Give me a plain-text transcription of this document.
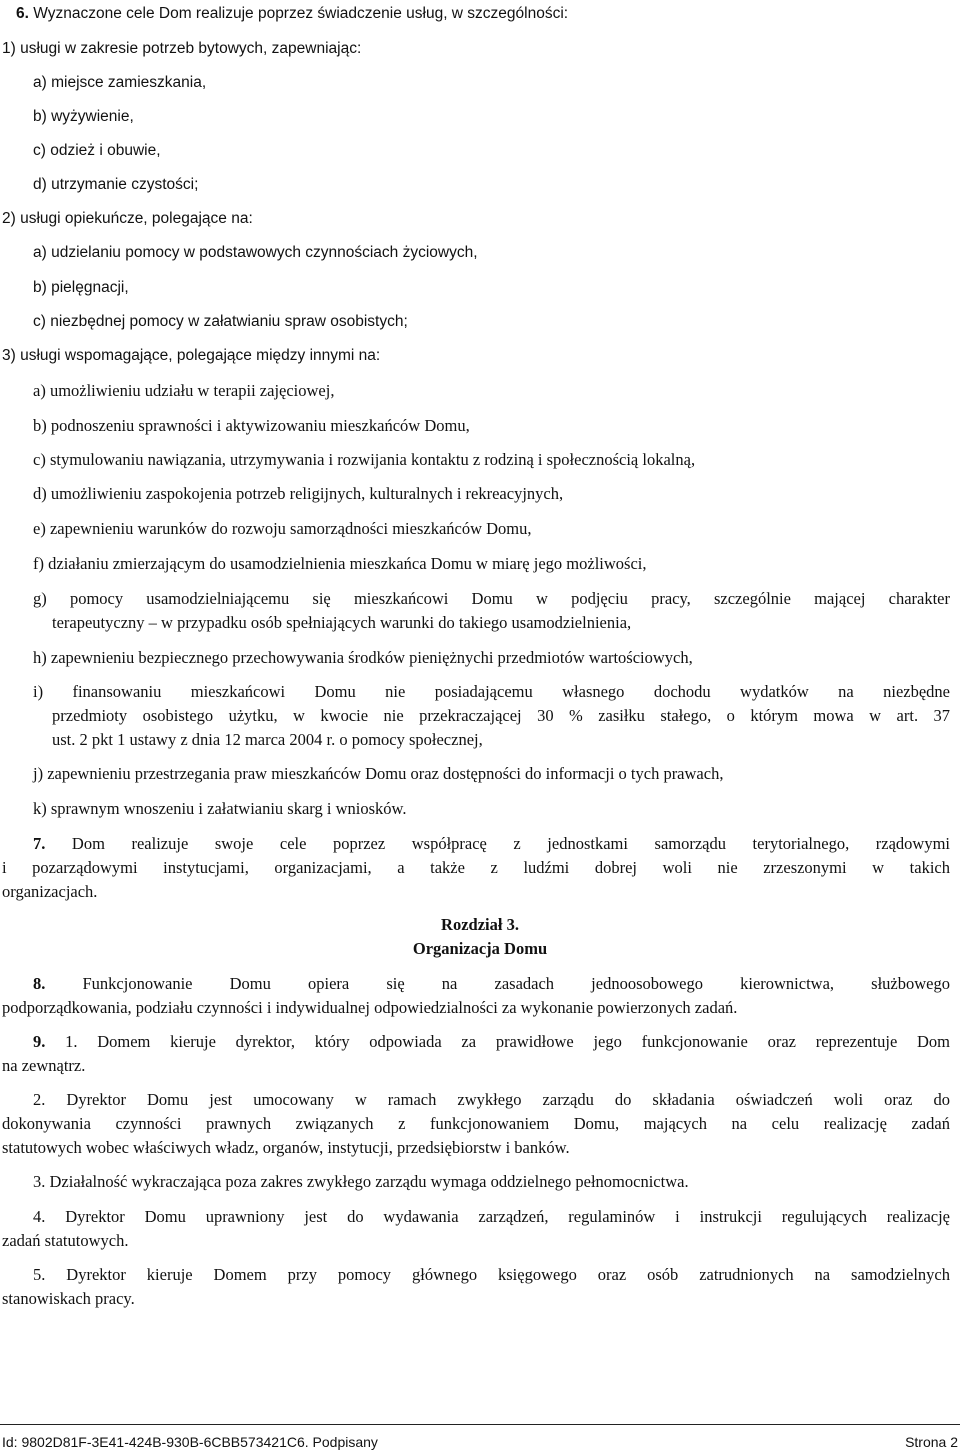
6. Wyznaczone cele Dom realizuje poprzez świadczenie usług, w szczególności:
1) usługi w zakresie potrzeb bytowych, zapewniając:
a) miejsce zamieszkania,
b) wyżywienie,
c) odzież i obuwie,
d) utrzymanie czystości;
2) usługi opiekuńcze, polegające na:
a) udzielaniu pomocy w podstawowych czynnościach życiowych,
b) pielęgnacji,
c) niezbędnej pomocy w załatwianiu spraw osobistych;
3) usługi wspomagające, polegające między innymi na:
a) umożliwieniu udziału w terapii zajęciowej,
b) podnoszeniu sprawności i aktywizowaniu mieszkańców Domu,
c) stymulowaniu nawiązania, utrzymywania i rozwijania kontaktu z rodziną i społecznością lokalną,
d) umożliwieniu zaspokojenia potrzeb religijnych, kulturalnych i rekreacyjnych,
e) zapewnieniu warunków do rozwoju samorządności mieszkańców Domu,
f) działaniu zmierzającym do usamodzielnienia mieszkańca Domu w miarę jego możliwości,
g) pomocy usamodzielniającemu się mieszkańcowi Domu w podjęciu pracy, szczególnie mającej charakter
terapeutyczny – w przypadku osób spełniających warunki do takiego usamodzielnienia,
h) zapewnieniu bezpiecznego przechowywania środków pieniężnychi przedmiotów wartościowych,
i) finansowaniu mieszkańcowi Domu nie posiadającemu własnego dochodu wydatków na niezbędne
przedmioty osobistego użytku, w kwocie nie przekraczającej 30 % zasiłku stałego, o którym mowa w art. 37
ust. 2 pkt 1 ustawy z dnia 12 marca 2004 r. o pomocy społecznej,
j) zapewnieniu przestrzegania praw mieszkańców Domu oraz dostępności do informacji o tych prawach,
k) sprawnym wnoszeniu i załatwianiu skarg i wniosków.
7. Dom realizuje swoje cele poprzez współpracę z jednostkami samorządu terytorialnego, rządowymi
i pozarządowymi instytucjami, organizacjami, a także z ludźmi dobrej woli nie zrzeszonymi w takich
organizacjach.
Rozdział 3.
Organizacja Domu
8. Funkcjonowanie Domu opiera się na zasadach jednoosobowego kierownictwa, służbowego
podporządkowania, podziału czynności i indywidualnej odpowiedzialności za wykonanie powierzonych zadań.
9. 1. Domem kieruje dyrektor, który odpowiada za prawidłowe jego funkcjonowanie oraz reprezentuje Dom
na zewnątrz.
2. Dyrektor Domu jest umocowany w ramach zwykłego zarządu do składania oświadczeń woli oraz do
dokonywania czynności prawnych związanych z funkcjonowaniem Domu, mających na celu realizację zadań
statutowych wobec właściwych władz, organów, instytucji, przedsiębiorstw i banków.
3. Działalność wykraczająca poza zakres zwykłego zarządu wymaga oddzielnego pełnomocnictwa.
4. Dyrektor Domu uprawniony jest do wydawania zarządzeń, regulaminów i instrukcji regulujących realizację
zadań statutowych.
5. Dyrektor kieruje Domem przy pomocy głównego księgowego oraz osób zatrudnionych na samodzielnych
stanowiskach pracy.
Id: 9802D81F-3E41-424B-930B-6CBB573421C6. Podpisany	Strona 2
